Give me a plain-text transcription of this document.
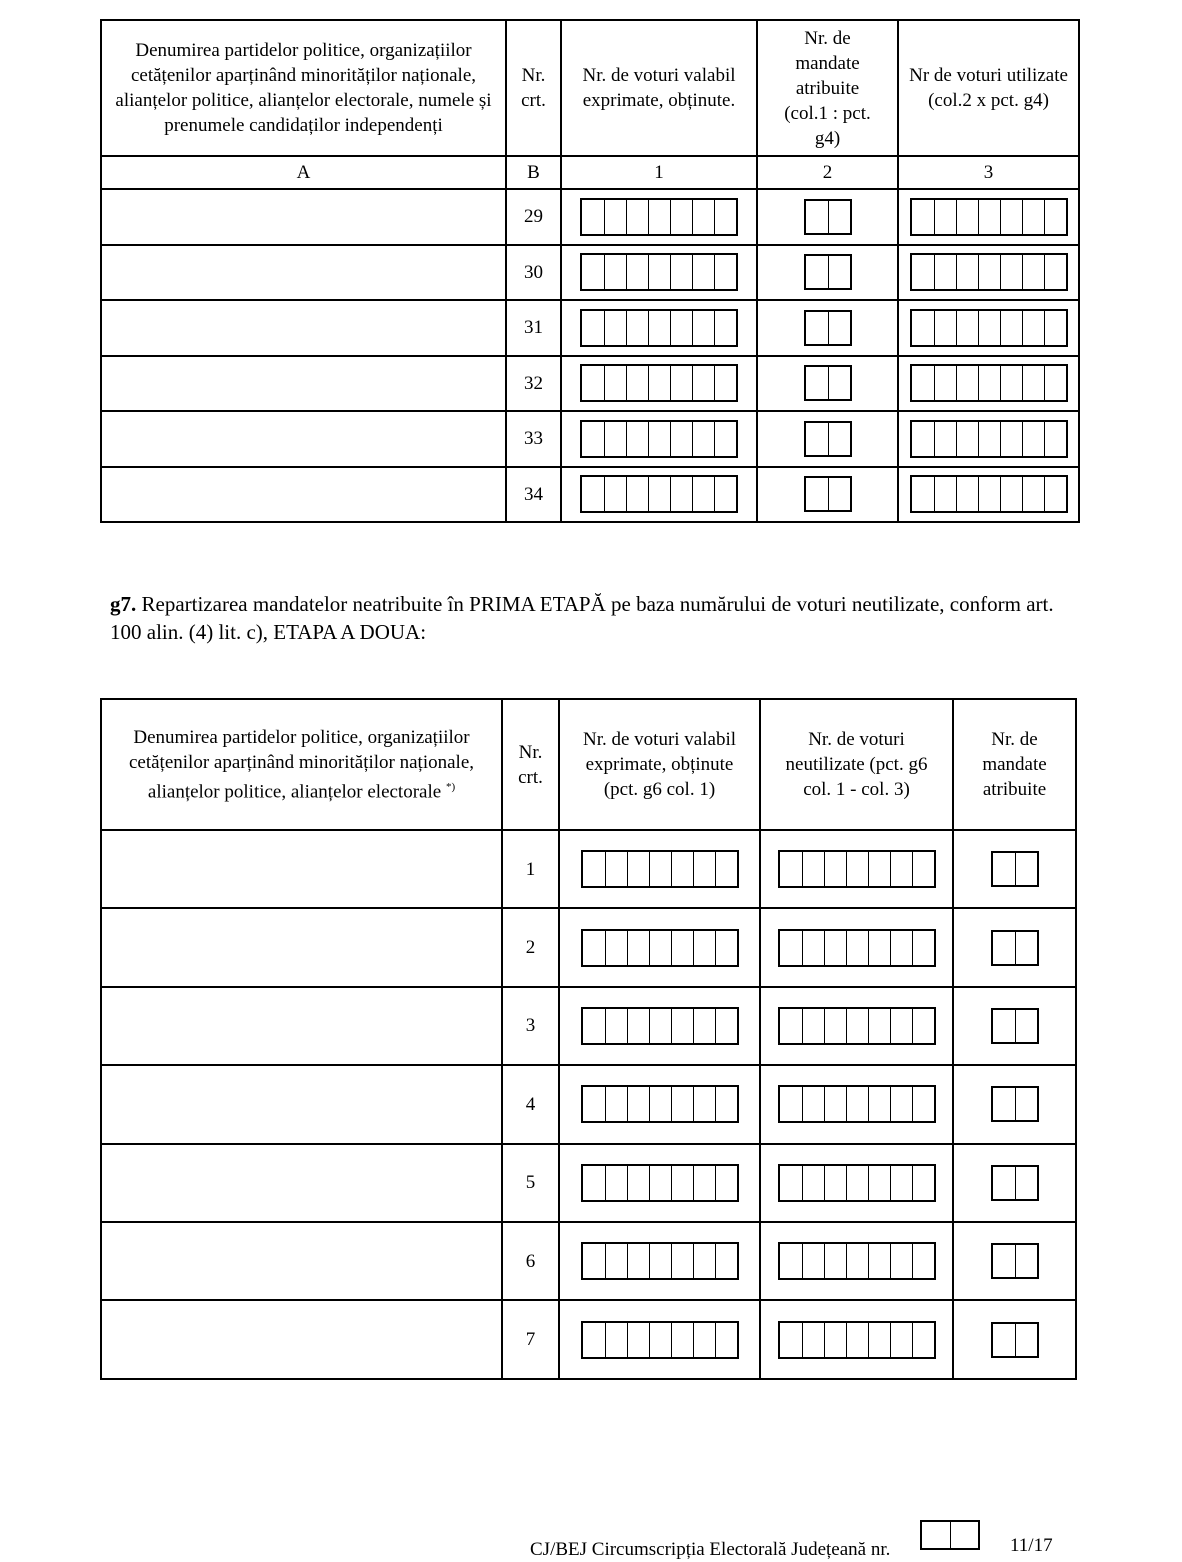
Denumirea partidelor politice, organizațiilor cetățenilor aparținând minorităților naționale, alianțelor politice, alianțelor electorale, numele și prenumele candidaților independenți	Nr. crt.	Nr. de voturi valabil exprimate, obținute.	Nr. de mandate atribuite (col.1 : pct. g4)	Nr de voturi utilizate (col.2 x pct. g4)
A	B	1	2	3
	29	

	30	

	31	

	32	

	33	

	34	

g7. Repartizarea mandatelor neatribuite în PRIMA ETAPĂ pe baza numărului de voturi neutilizate, conform art. 100 alin. (4) lit. c), ETAPA A DOUA:
Denumirea partidelor politice, organizațiilor cetățenilor aparținând minorităților naționale, alianțelor politice, alianțelor electorale *)	Nr. crt.	Nr. de voturi valabil exprimate, obținute (pct. g6 col. 1)	Nr. de voturi neutilizate (pct. g6 col. 1 - col. 3)	Nr. de mandate atribuite
	1	

	2	

	3	

	4	

	5	

	6	

	7	

CJ/BEJ Circumscripția Electorală Județeană nr.	11/17
